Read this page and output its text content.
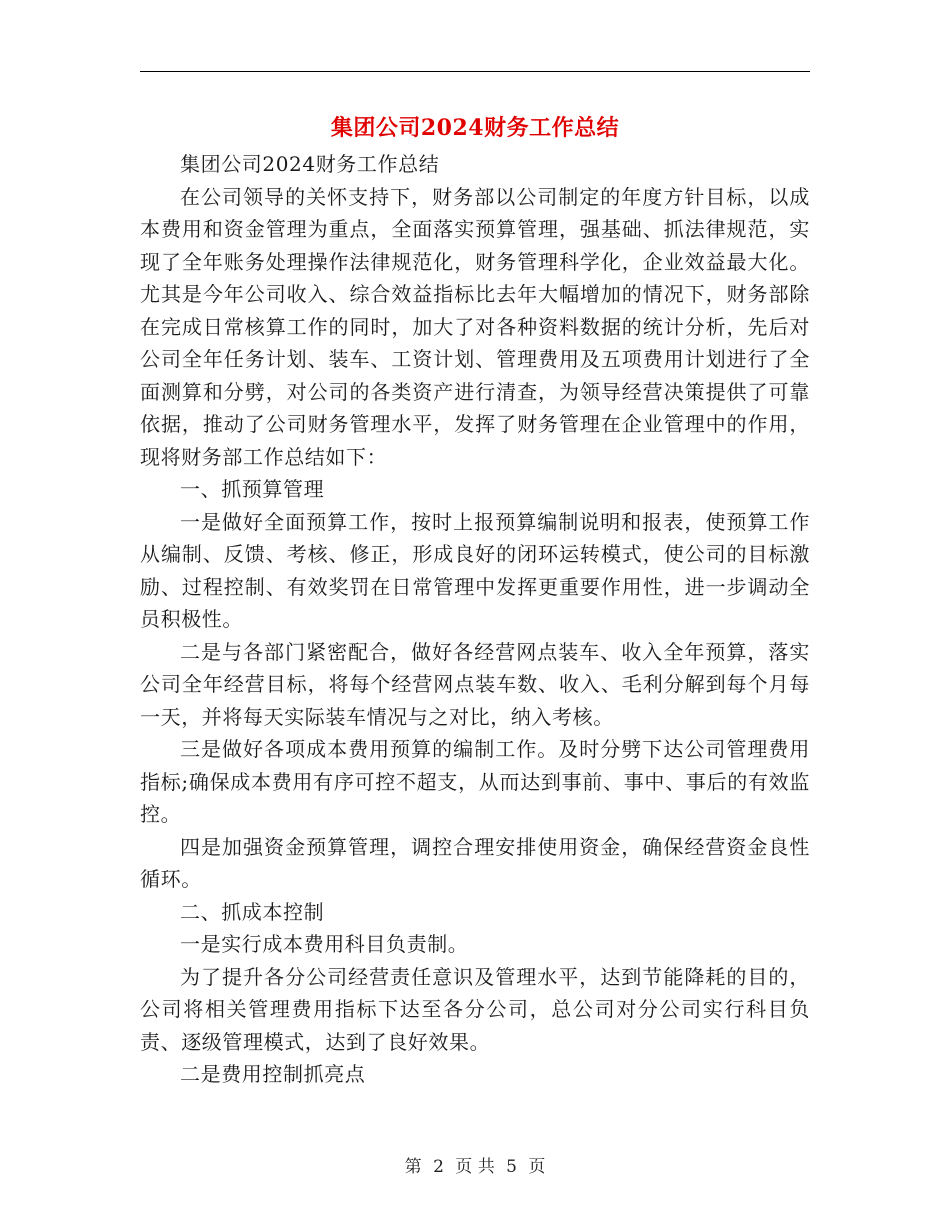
集团公司2024财务工作总结

集团公司2024财务工作总结

在公司领导的关怀支持下，财务部以公司制定的年度方针目标，以成本费用和资金管理为重点，全面落实预算管理，强基础、抓法律规范，实现了全年账务处理操作法律规范化，财务管理科学化，企业效益最大化。尤其是今年公司收入、综合效益指标比去年大幅增加的情况下，财务部除在完成日常核算工作的同时，加大了对各种资料数据的统计分析，先后对公司全年任务计划、装车、工资计划、管理费用及五项费用计划进行了全面测算和分劈，对公司的各类资产进行清查，为领导经营决策提供了可靠依据，推动了公司财务管理水平，发挥了财务管理在企业管理中的作用，现将财务部工作总结如下：

一、抓预算管理

一是做好全面预算工作，按时上报预算编制说明和报表，使预算工作从编制、反馈、考核、修正，形成良好的闭环运转模式，使公司的目标激励、过程控制、有效奖罚在日常管理中发挥更重要作用性，进一步调动全员积极性。

二是与各部门紧密配合，做好各经营网点装车、收入全年预算，落实公司全年经营目标，将每个经营网点装车数、收入、毛利分解到每个月每一天，并将每天实际装车情况与之对比，纳入考核。

三是做好各项成本费用预算的编制工作。及时分劈下达公司管理费用指标;确保成本费用有序可控不超支，从而达到事前、事中、事后的有效监控。

四是加强资金预算管理，调控合理安排使用资金，确保经营资金良性循环。

二、抓成本控制

一是实行成本费用科目负责制。

为了提升各分公司经营责任意识及管理水平，达到节能降耗的目的，公司将相关管理费用指标下达至各分公司，总公司对分公司实行科目负责、逐级管理模式，达到了良好效果。

二是费用控制抓亮点

第 2 页 共 5 页
